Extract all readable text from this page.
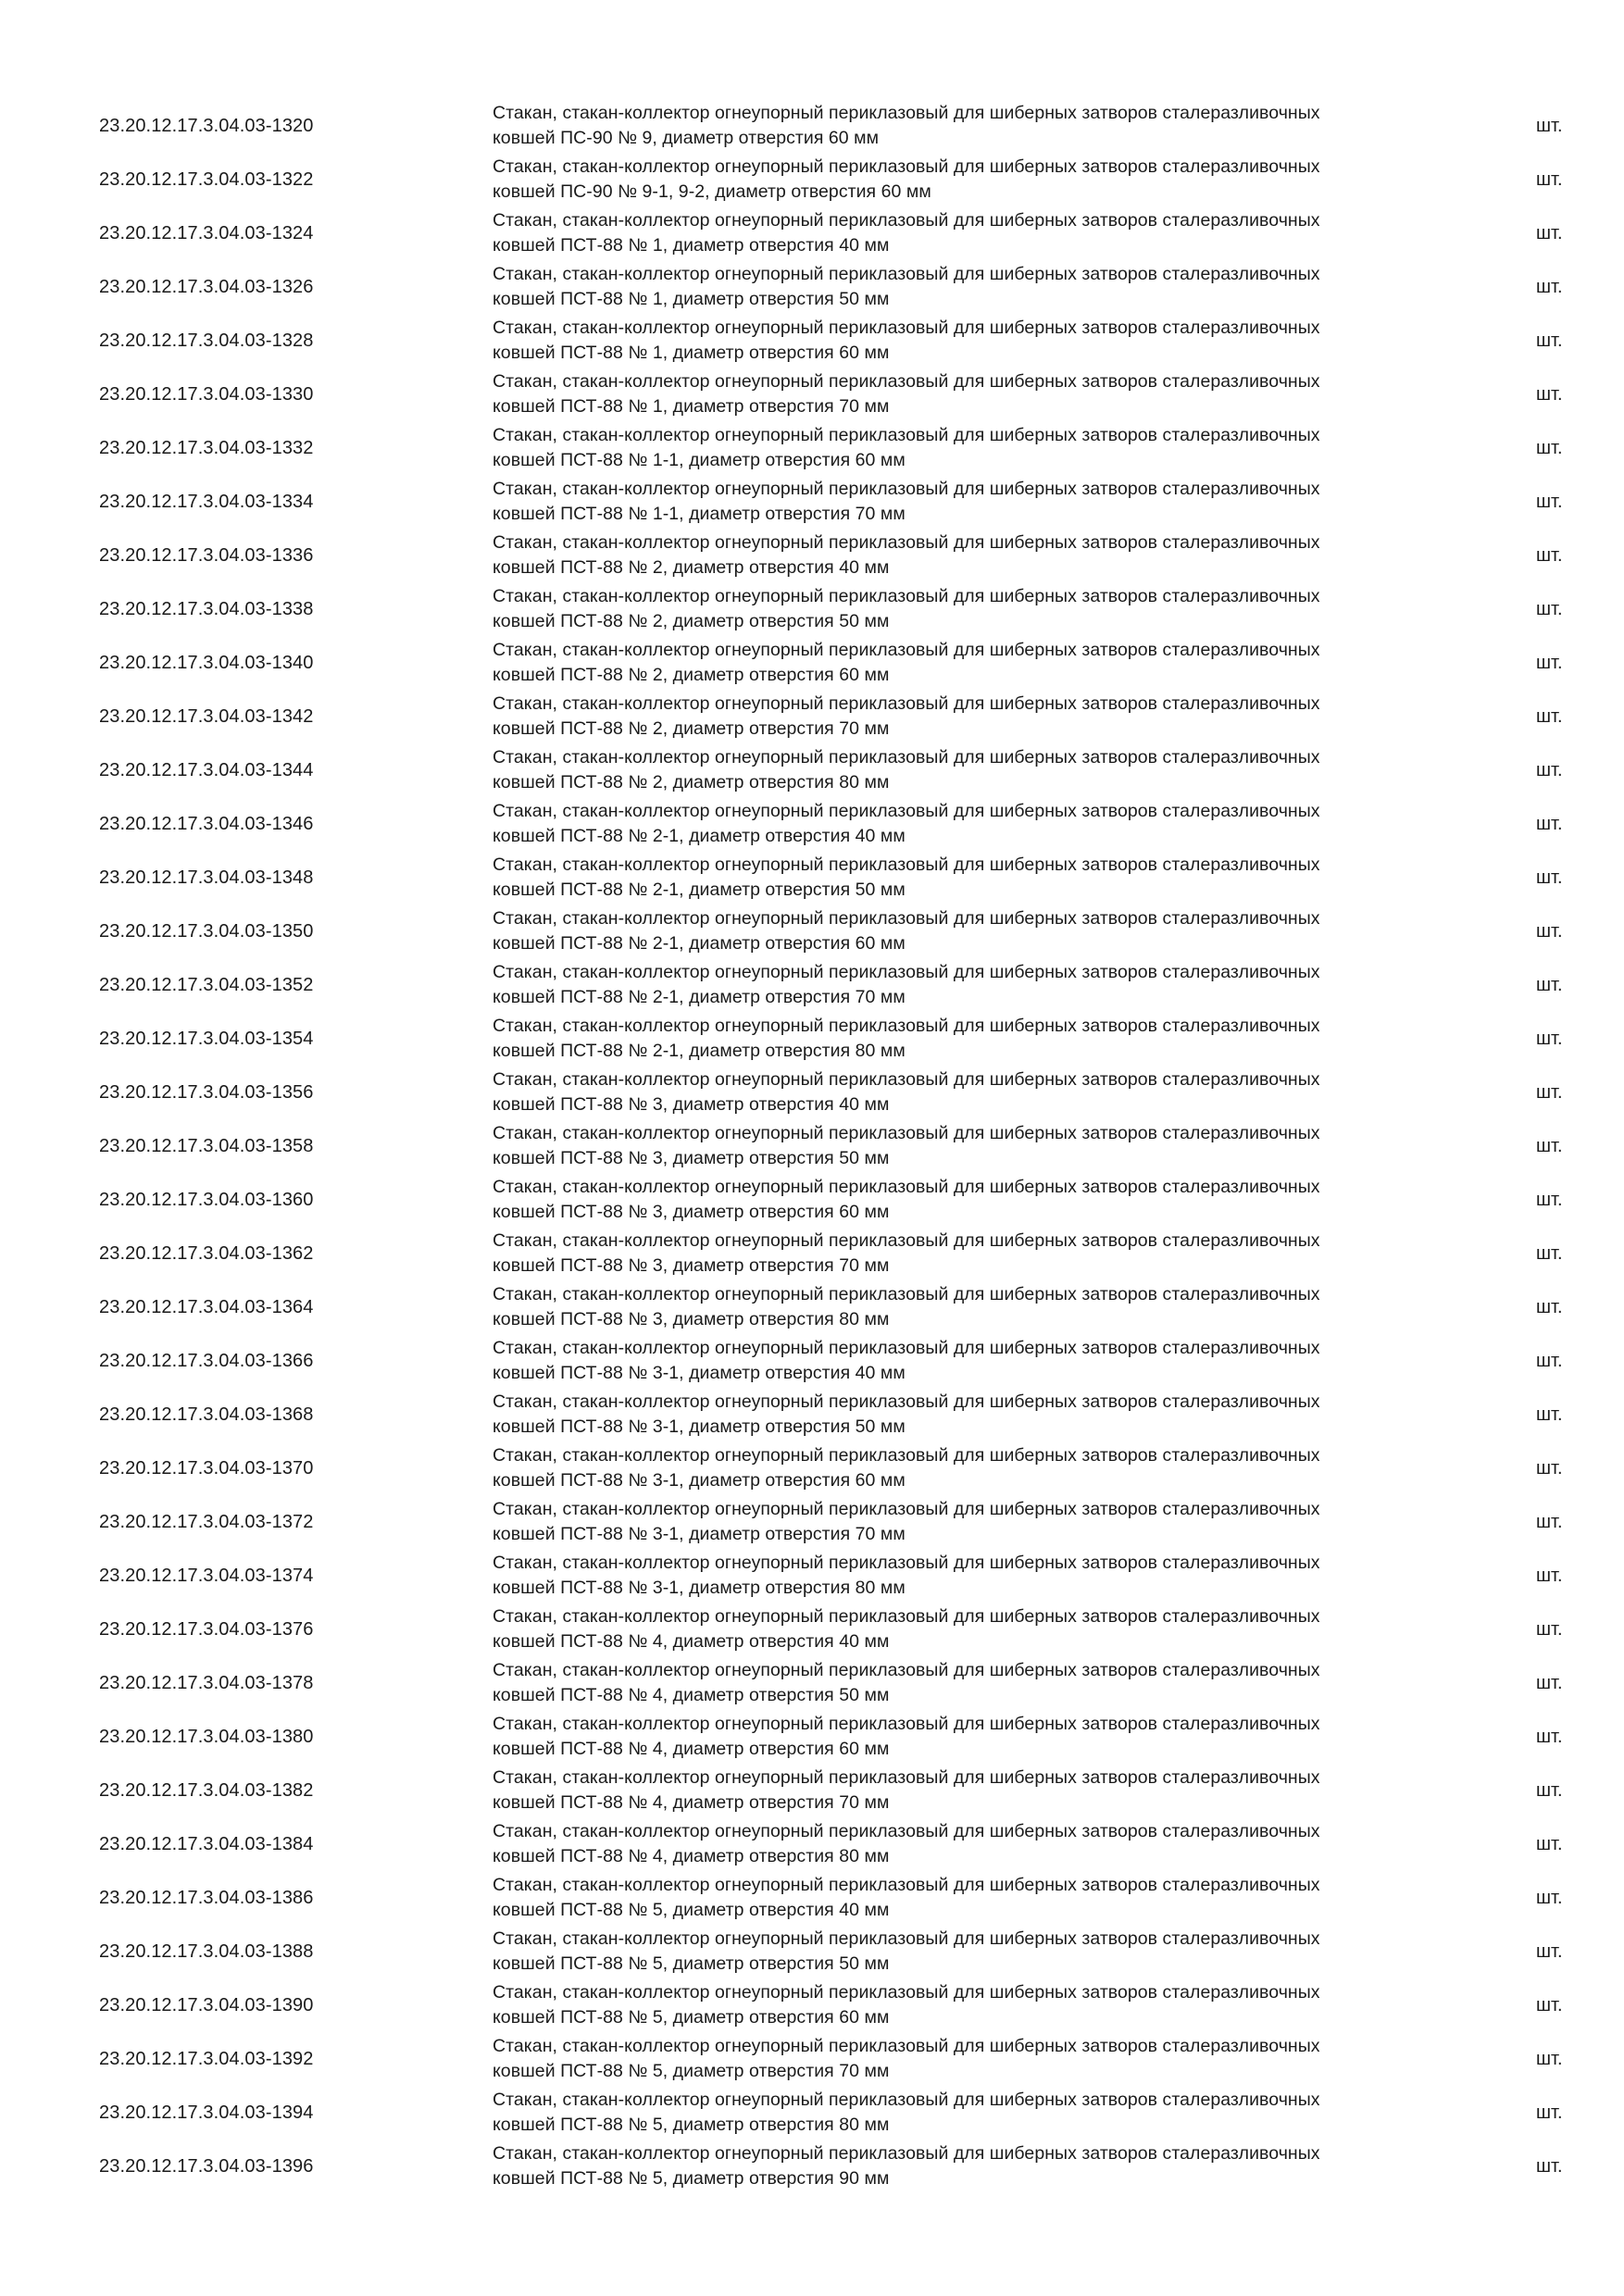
23.20.12.17.3.04.03-1320
Стакан, стакан-коллектор огнеупорный периклазовый для шиберных затворов сталеразливочных
ковшей ПС-90 № 9, диаметр отверстия 60 мм
шт.
23.20.12.17.3.04.03-1322
Стакан, стакан-коллектор огнеупорный периклазовый для шиберных затворов сталеразливочных
ковшей ПС-90 № 9-1, 9-2, диаметр отверстия 60 мм
шт.
23.20.12.17.3.04.03-1324
Стакан, стакан-коллектор огнеупорный периклазовый для шиберных затворов сталеразливочных
ковшей ПСТ-88 № 1, диаметр отверстия 40 мм
шт.
23.20.12.17.3.04.03-1326
Стакан, стакан-коллектор огнеупорный периклазовый для шиберных затворов сталеразливочных
ковшей ПСТ-88 № 1, диаметр отверстия 50 мм
шт.
23.20.12.17.3.04.03-1328
Стакан, стакан-коллектор огнеупорный периклазовый для шиберных затворов сталеразливочных
ковшей ПСТ-88 № 1, диаметр отверстия 60 мм
шт.
23.20.12.17.3.04.03-1330
Стакан, стакан-коллектор огнеупорный периклазовый для шиберных затворов сталеразливочных
ковшей ПСТ-88 № 1, диаметр отверстия 70 мм
шт.
23.20.12.17.3.04.03-1332
Стакан, стакан-коллектор огнеупорный периклазовый для шиберных затворов сталеразливочных
ковшей ПСТ-88 № 1-1, диаметр отверстия 60 мм
шт.
23.20.12.17.3.04.03-1334
Стакан, стакан-коллектор огнеупорный периклазовый для шиберных затворов сталеразливочных
ковшей ПСТ-88 № 1-1, диаметр отверстия 70 мм
шт.
23.20.12.17.3.04.03-1336
Стакан, стакан-коллектор огнеупорный периклазовый для шиберных затворов сталеразливочных
ковшей ПСТ-88 № 2, диаметр отверстия 40 мм
шт.
23.20.12.17.3.04.03-1338
Стакан, стакан-коллектор огнеупорный периклазовый для шиберных затворов сталеразливочных
ковшей ПСТ-88 № 2, диаметр отверстия 50 мм
шт.
23.20.12.17.3.04.03-1340
Стакан, стакан-коллектор огнеупорный периклазовый для шиберных затворов сталеразливочных
ковшей ПСТ-88 № 2, диаметр отверстия 60 мм
шт.
23.20.12.17.3.04.03-1342
Стакан, стакан-коллектор огнеупорный периклазовый для шиберных затворов сталеразливочных
ковшей ПСТ-88 № 2, диаметр отверстия 70 мм
шт.
23.20.12.17.3.04.03-1344
Стакан, стакан-коллектор огнеупорный периклазовый для шиберных затворов сталеразливочных
ковшей ПСТ-88 № 2, диаметр отверстия 80 мм
шт.
23.20.12.17.3.04.03-1346
Стакан, стакан-коллектор огнеупорный периклазовый для шиберных затворов сталеразливочных
ковшей ПСТ-88 № 2-1, диаметр отверстия 40 мм
шт.
23.20.12.17.3.04.03-1348
Стакан, стакан-коллектор огнеупорный периклазовый для шиберных затворов сталеразливочных
ковшей ПСТ-88 № 2-1, диаметр отверстия 50 мм
шт.
23.20.12.17.3.04.03-1350
Стакан, стакан-коллектор огнеупорный периклазовый для шиберных затворов сталеразливочных
ковшей ПСТ-88 № 2-1, диаметр отверстия 60 мм
шт.
23.20.12.17.3.04.03-1352
Стакан, стакан-коллектор огнеупорный периклазовый для шиберных затворов сталеразливочных
ковшей ПСТ-88 № 2-1, диаметр отверстия 70 мм
шт.
23.20.12.17.3.04.03-1354
Стакан, стакан-коллектор огнеупорный периклазовый для шиберных затворов сталеразливочных
ковшей ПСТ-88 № 2-1, диаметр отверстия 80 мм
шт.
23.20.12.17.3.04.03-1356
Стакан, стакан-коллектор огнеупорный периклазовый для шиберных затворов сталеразливочных
ковшей ПСТ-88 № 3, диаметр отверстия 40 мм
шт.
23.20.12.17.3.04.03-1358
Стакан, стакан-коллектор огнеупорный периклазовый для шиберных затворов сталеразливочных
ковшей ПСТ-88 № 3, диаметр отверстия 50 мм
шт.
23.20.12.17.3.04.03-1360
Стакан, стакан-коллектор огнеупорный периклазовый для шиберных затворов сталеразливочных
ковшей ПСТ-88 № 3, диаметр отверстия 60 мм
шт.
23.20.12.17.3.04.03-1362
Стакан, стакан-коллектор огнеупорный периклазовый для шиберных затворов сталеразливочных
ковшей ПСТ-88 № 3, диаметр отверстия 70 мм
шт.
23.20.12.17.3.04.03-1364
Стакан, стакан-коллектор огнеупорный периклазовый для шиберных затворов сталеразливочных
ковшей ПСТ-88 № 3, диаметр отверстия 80 мм
шт.
23.20.12.17.3.04.03-1366
Стакан, стакан-коллектор огнеупорный периклазовый для шиберных затворов сталеразливочных
ковшей ПСТ-88 № 3-1, диаметр отверстия 40 мм
шт.
23.20.12.17.3.04.03-1368
Стакан, стакан-коллектор огнеупорный периклазовый для шиберных затворов сталеразливочных
ковшей ПСТ-88 № 3-1, диаметр отверстия 50 мм
шт.
23.20.12.17.3.04.03-1370
Стакан, стакан-коллектор огнеупорный периклазовый для шиберных затворов сталеразливочных
ковшей ПСТ-88 № 3-1, диаметр отверстия 60 мм
шт.
23.20.12.17.3.04.03-1372
Стакан, стакан-коллектор огнеупорный периклазовый для шиберных затворов сталеразливочных
ковшей ПСТ-88 № 3-1, диаметр отверстия 70 мм
шт.
23.20.12.17.3.04.03-1374
Стакан, стакан-коллектор огнеупорный периклазовый для шиберных затворов сталеразливочных
ковшей ПСТ-88 № 3-1, диаметр отверстия 80 мм
шт.
23.20.12.17.3.04.03-1376
Стакан, стакан-коллектор огнеупорный периклазовый для шиберных затворов сталеразливочных
ковшей ПСТ-88 № 4, диаметр отверстия 40 мм
шт.
23.20.12.17.3.04.03-1378
Стакан, стакан-коллектор огнеупорный периклазовый для шиберных затворов сталеразливочных
ковшей ПСТ-88 № 4, диаметр отверстия 50 мм
шт.
23.20.12.17.3.04.03-1380
Стакан, стакан-коллектор огнеупорный периклазовый для шиберных затворов сталеразливочных
ковшей ПСТ-88 № 4, диаметр отверстия 60 мм
шт.
23.20.12.17.3.04.03-1382
Стакан, стакан-коллектор огнеупорный периклазовый для шиберных затворов сталеразливочных
ковшей ПСТ-88 № 4, диаметр отверстия 70 мм
шт.
23.20.12.17.3.04.03-1384
Стакан, стакан-коллектор огнеупорный периклазовый для шиберных затворов сталеразливочных
ковшей ПСТ-88 № 4, диаметр отверстия 80 мм
шт.
23.20.12.17.3.04.03-1386
Стакан, стакан-коллектор огнеупорный периклазовый для шиберных затворов сталеразливочных
ковшей ПСТ-88 № 5, диаметр отверстия 40 мм
шт.
23.20.12.17.3.04.03-1388
Стакан, стакан-коллектор огнеупорный периклазовый для шиберных затворов сталеразливочных
ковшей ПСТ-88 № 5, диаметр отверстия 50 мм
шт.
23.20.12.17.3.04.03-1390
Стакан, стакан-коллектор огнеупорный периклазовый для шиберных затворов сталеразливочных
ковшей ПСТ-88 № 5, диаметр отверстия 60 мм
шт.
23.20.12.17.3.04.03-1392
Стакан, стакан-коллектор огнеупорный периклазовый для шиберных затворов сталеразливочных
ковшей ПСТ-88 № 5, диаметр отверстия 70 мм
шт.
23.20.12.17.3.04.03-1394
Стакан, стакан-коллектор огнеупорный периклазовый для шиберных затворов сталеразливочных
ковшей ПСТ-88 № 5, диаметр отверстия 80 мм
шт.
23.20.12.17.3.04.03-1396
Стакан, стакан-коллектор огнеупорный периклазовый для шиберных затворов сталеразливочных
ковшей ПСТ-88 № 5, диаметр отверстия 90 мм
шт.
